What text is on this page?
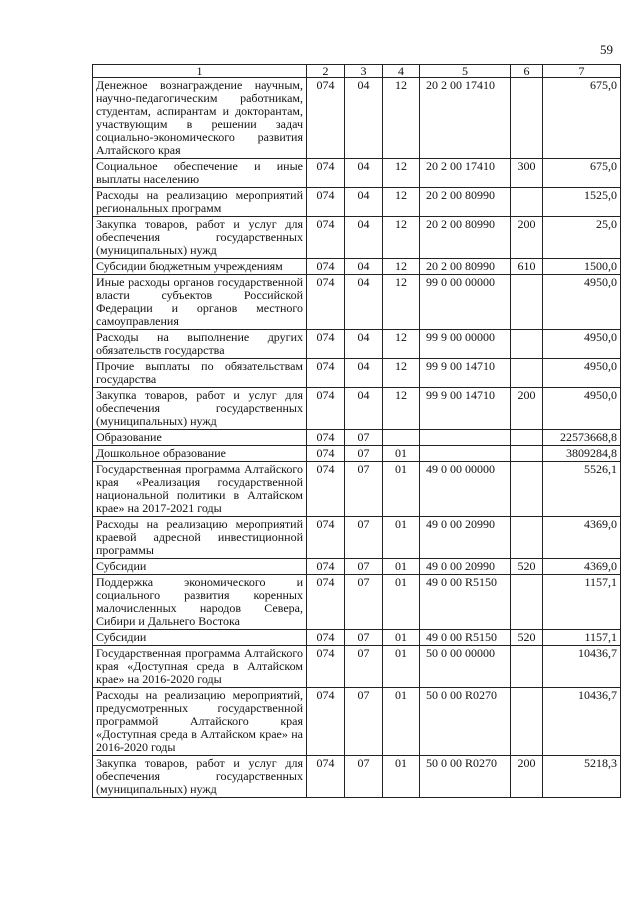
59
1	2	3	4	5	6	7
Денежное вознаграждение научным, научно-педагогическим работникам, студентам, аспирантам и докторантам, участвующим в решении задач социально-экономического развития Алтайского края	074	04	12	20 2 00 17410		675,0
Социальное обеспечение и иные выплаты населению	074	04	12	20 2 00 17410	300	675,0
Расходы на реализацию мероприятий региональных программ	074	04	12	20 2 00 80990		1525,0
Закупка товаров, работ и услуг для обеспечения государственных (муниципальных) нужд	074	04	12	20 2 00 80990	200	25,0
Субсидии бюджетным учреждениям	074	04	12	20 2 00 80990	610	1500,0
Иные расходы органов государственной власти субъектов Российской Федерации и органов местного самоуправления	074	04	12	99 0 00 00000		4950,0
Расходы на выполнение других обязательств государства	074	04	12	99 9 00 00000		4950,0
Прочие выплаты по обязательствам государства	074	04	12	99 9 00 14710		4950,0
Закупка товаров, работ и услуг для обеспечения государственных (муниципальных) нужд	074	04	12	99 9 00 14710	200	4950,0
Образование	074	07				22573668,8
Дошкольное образование	074	07	01			3809284,8
Государственная программа Алтайского края «Реализация государственной национальной политики в Алтайском крае» на 2017-2021 годы	074	07	01	49 0 00 00000		5526,1
Расходы на реализацию мероприятий краевой адресной инвестиционной программы	074	07	01	49 0 00 20990		4369,0
Субсидии	074	07	01	49 0 00 20990	520	4369,0
Поддержка экономического и социального развития коренных малочисленных народов Севера, Сибири и Дальнего Востока	074	07	01	49 0 00 R5150		1157,1
Субсидии	074	07	01	49 0 00 R5150	520	1157,1
Государственная программа Алтайского края «Доступная среда в Алтайском крае» на 2016-2020 годы	074	07	01	50 0 00 00000		10436,7
Расходы на реализацию мероприятий, предусмотренных государственной программой Алтайского края «Доступная среда в Алтайском крае» на 2016-2020 годы	074	07	01	50 0 00 R0270		10436,7
Закупка товаров, работ и услуг для обеспечения государственных (муниципальных) нужд	074	07	01	50 0 00 R0270	200	5218,3
